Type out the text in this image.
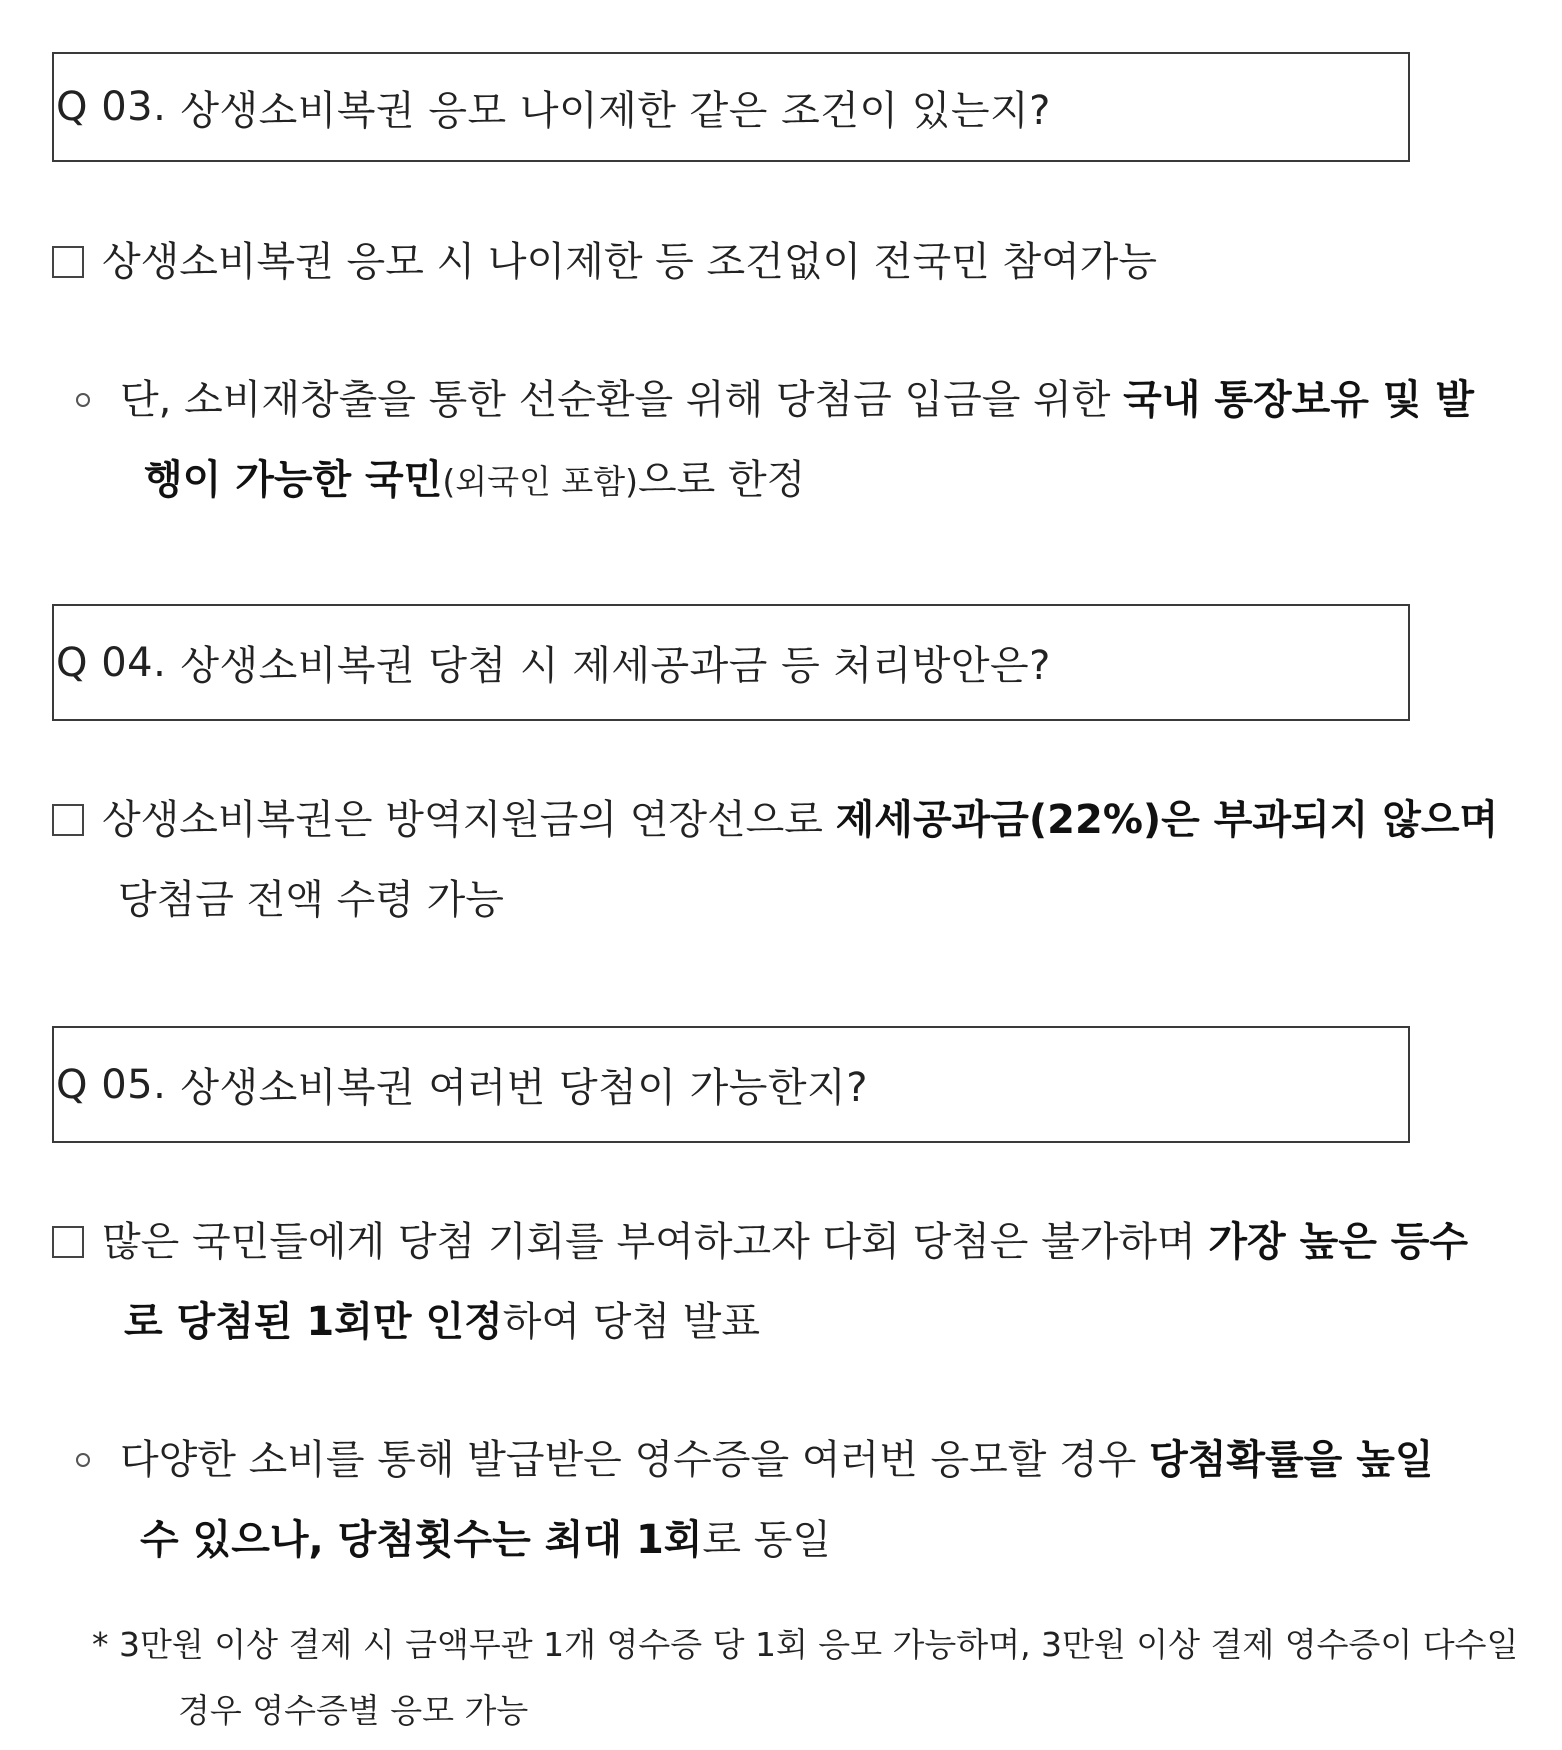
Q 03. 상생소비복권 응모 나이제한 같은 조건이 있는지?
상생소비복권 응모 시 나이제한 등 조건없이 전국민 참여가능
단, 소비재창출을 통한 선순환을 위해 당첨금 입금을 위한 국내 통장보유 및 발
행이 가능한 국민(외국인 포함)으로 한정
Q 04. 상생소비복권 당첨 시 제세공과금 등 처리방안은?
상생소비복권은 방역지원금의 연장선으로 제세공과금(22%)은 부과되지 않으며
당첨금 전액 수령 가능
Q 05. 상생소비복권 여러번 당첨이 가능한지?
많은 국민들에게 당첨 기회를 부여하고자 다회 당첨은 불가하며 가장 높은 등수
로 당첨된 1회만 인정하여 당첨 발표
다양한 소비를 통해 발급받은 영수증을 여러번 응모할 경우 당첨확률을 높일
수 있으나, 당첨횟수는 최대 1회로 동일
* 3만원 이상 결제 시 금액무관 1개 영수증 당 1회 응모 가능하며, 3만원 이상 결제 영수증이 다수일
경우 영수증별 응모 가능
